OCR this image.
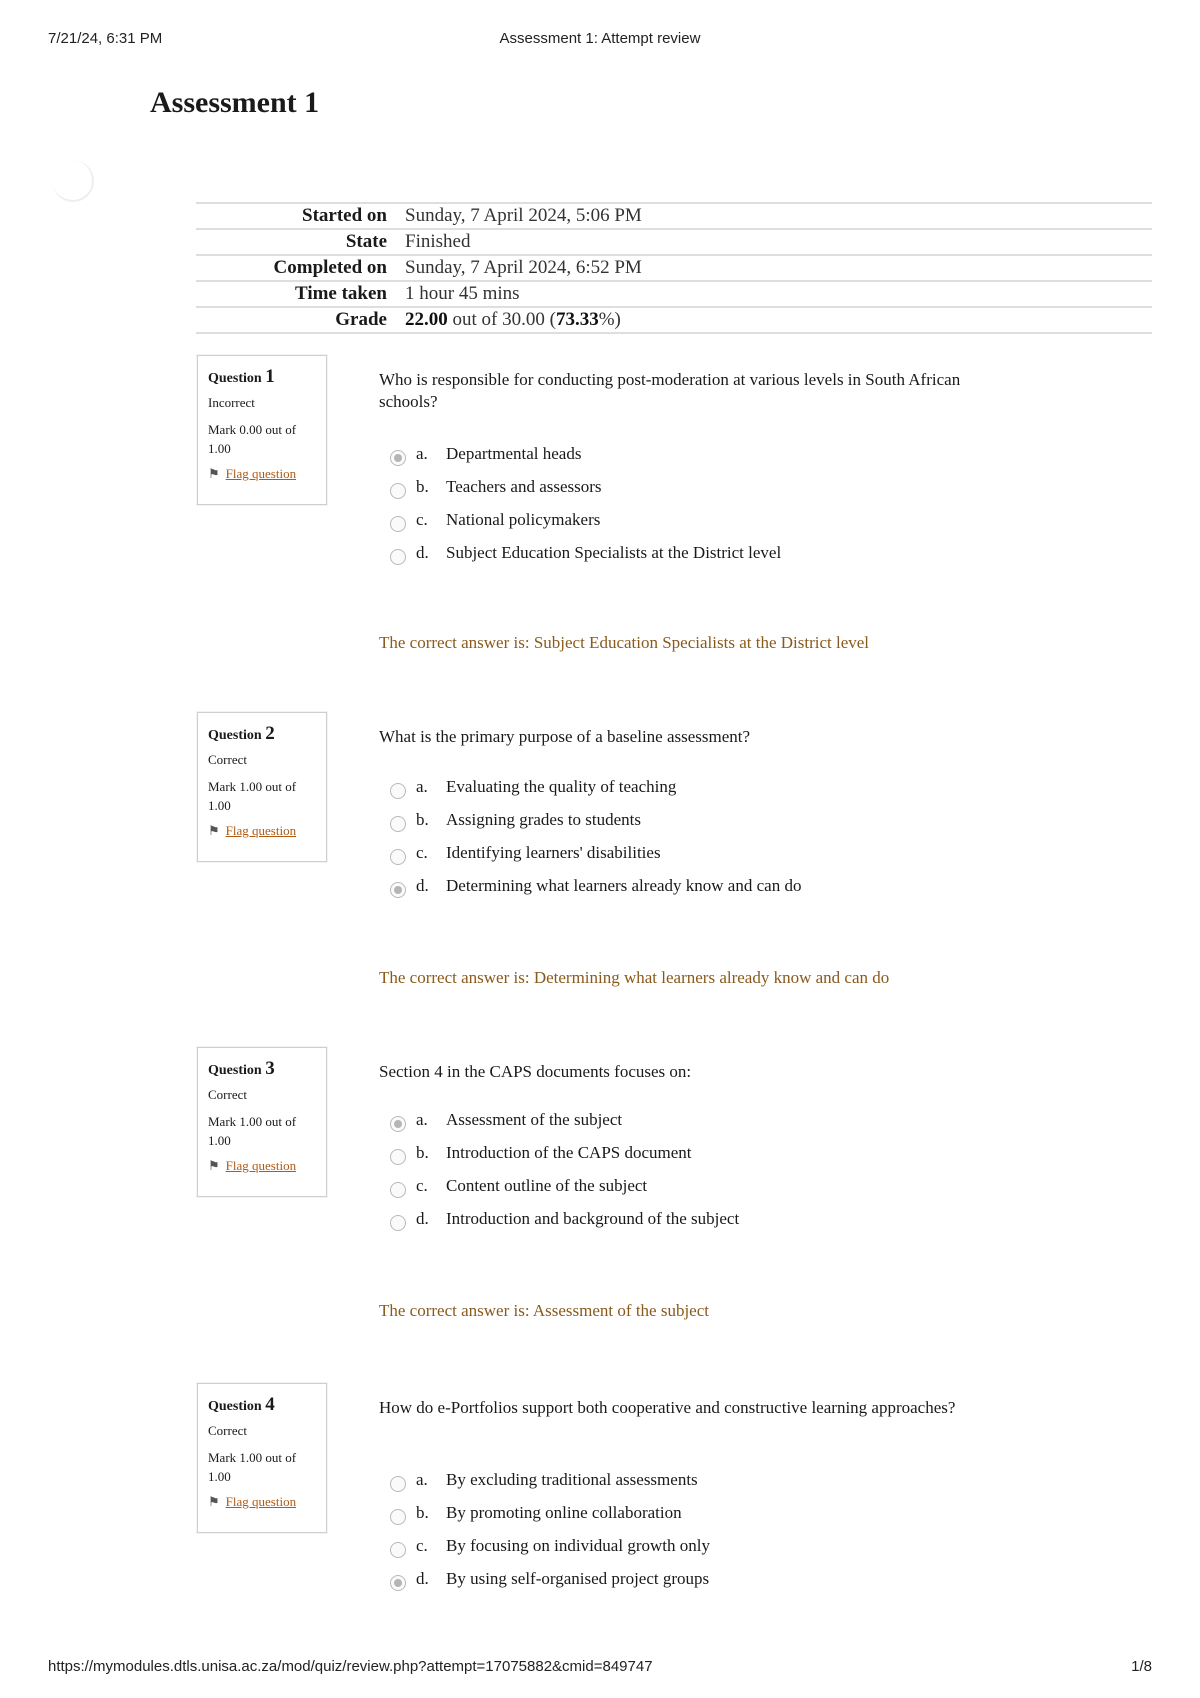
7/21/24, 6:31 PM	Assessment 1: Attempt review
Assessment 1
Started on Sunday, 7 April 2024, 5:06 PM
State Finished
Completed on Sunday, 7 April 2024, 6:52 PM
Time taken 1 hour 45 mins
Grade 22.00 out of 30.00 (73.33%)
Question 1
Incorrect
Mark 0.00 out of 1.00
⚑ Flag question
Who is responsible for conducting post-moderation at various levels in South African schools?
a.	Departmental heads
b.	Teachers and assessors
c.	National policymakers
d.	Subject Education Specialists at the District level
The correct answer is: Subject Education Specialists at the District level
Question 2
Correct
Mark 1.00 out of 1.00
⚑ Flag question
What is the primary purpose of a baseline assessment?
a.	Evaluating the quality of teaching
b.	Assigning grades to students
c.	Identifying learners' disabilities
d.	Determining what learners already know and can do
The correct answer is: Determining what learners already know and can do
Question 3
Correct
Mark 1.00 out of 1.00
⚑ Flag question
Section 4 in the CAPS documents focuses on:
a.	Assessment of the subject
b.	Introduction of the CAPS document
c.	Content outline of the subject
d.	Introduction and background of the subject
The correct answer is: Assessment of the subject
Question 4
Correct
Mark 1.00 out of 1.00
⚑ Flag question
How do e-Portfolios support both cooperative and constructive learning approaches?
a.	By excluding traditional assessments
b.	By promoting online collaboration
c.	By focusing on individual growth only
d.	By using self-organised project groups
https://mymodules.dtls.unisa.ac.za/mod/quiz/review.php?attempt=17075882&cmid=849747	1/8
